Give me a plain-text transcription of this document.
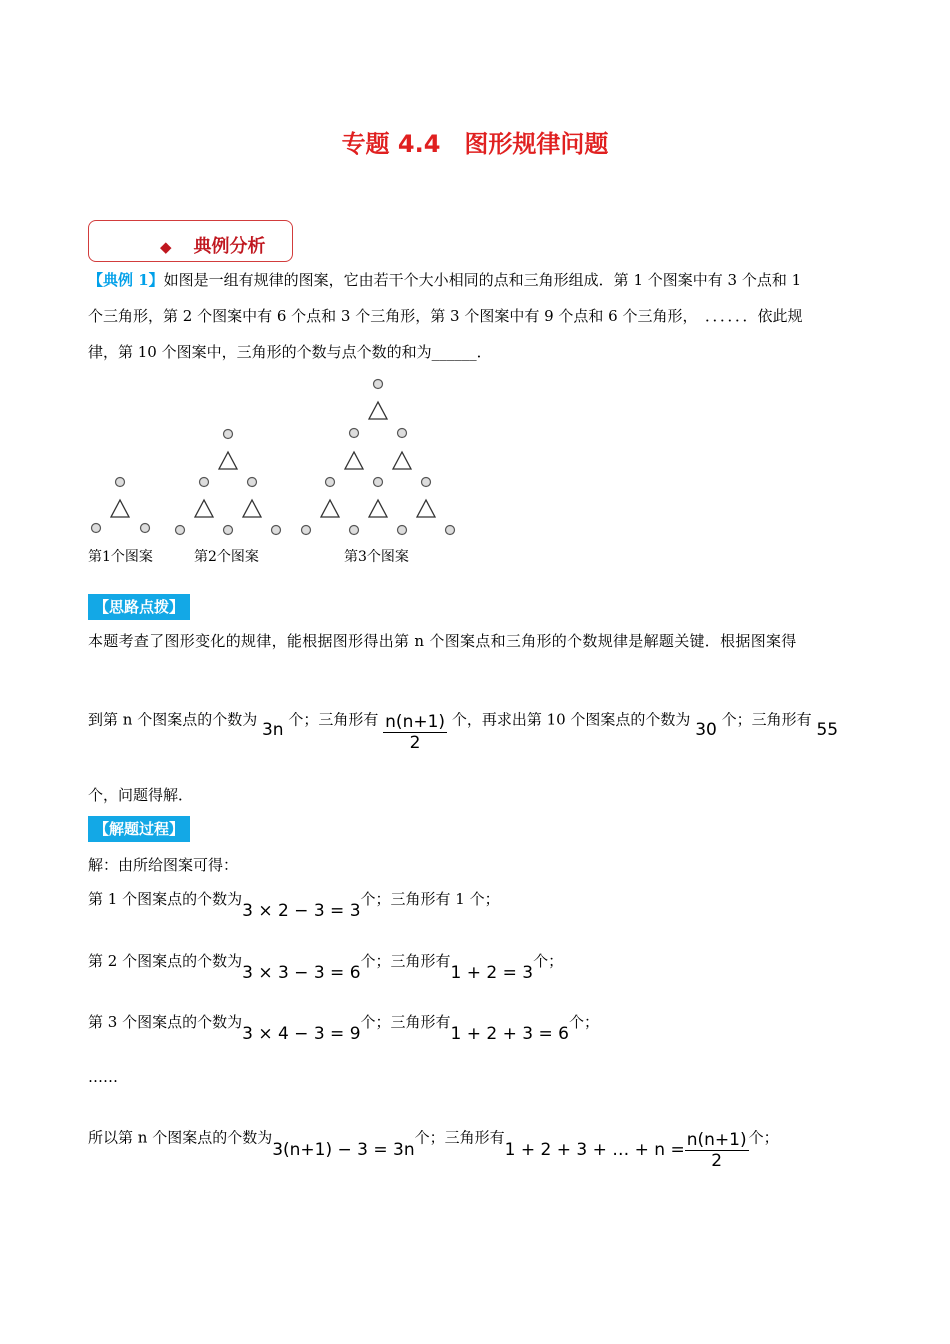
专题 4.4　图形规律问题
◆ 典例分析
【典例 1】如图是一组有规律的图案，它由若干个大小相同的点和三角形组成．第 1 个图案中有 3 个点和 1
个三角形，第 2 个图案中有 6 个点和 3 个三角形，第 3 个图案中有 9 个点和 6 个三角形，　．．．．．．依此规
律，第 10 个图案中，三角形的个数与点个数的和为______．
第1个图案	第2个图案	第3个图案
【思路点拨】
本题考查了图形变化的规律，能根据图形得出第 n 个图案点和三角形的个数规律是解题关键．根据图案得
到第 n 个图案点的个数为 3n 个；三角形有 $\frac{n(n+1)}{2}$ 个，再求出第 10 个图案点的个数为 30 个；三角形有 55
个，问题得解．
【解题过程】
解：由所给图案可得：
第 1 个图案点的个数为3 × 2 − 3 = 3个；三角形有 1 个；
第 2 个图案点的个数为3 × 3 − 3 = 6个；三角形有1 + 2 = 3个；
第 3 个图案点的个数为3 × 4 − 3 = 9个；三角形有1 + 2 + 3 = 6个；
……
所以第 n 个图案点的个数为3(n+1) − 3 = 3n个；三角形有1 + 2 + 3 + … + $n = \frac{n(n+1)}{2}$ 个；
